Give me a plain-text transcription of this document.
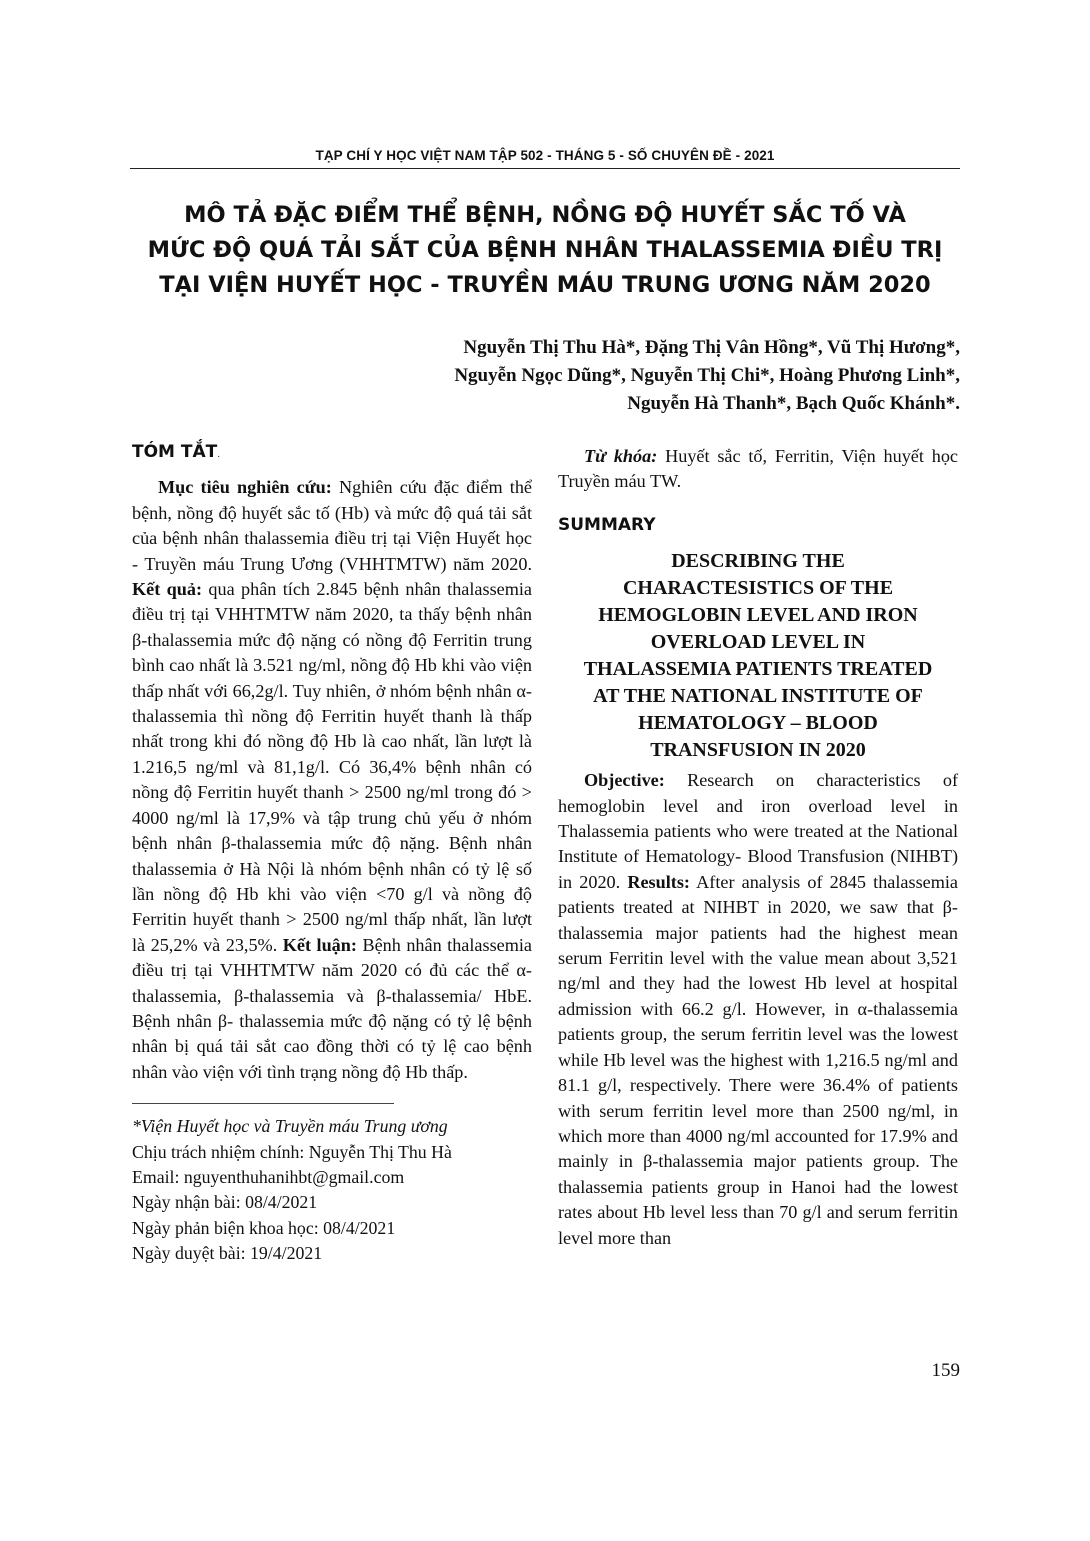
TẠP CHÍ Y HỌC VIỆT NAM TẬP 502 - THÁNG 5 - SỐ CHUYÊN ĐỀ - 2021
MÔ TẢ ĐẶC ĐIỂM THỂ BỆNH, NỒNG ĐỘ HUYẾT SẮC TỐ VÀ
MỨC ĐỘ QUÁ TẢI SẮT CỦA BỆNH NHÂN THALASSEMIA ĐIỀU TRỊ
TẠI VIỆN HUYẾT HỌC - TRUYỀN MÁU TRUNG ƯƠNG NĂM 2020
Nguyễn Thị Thu Hà*, Đặng Thị Vân Hồng*, Vũ Thị Hương*,
Nguyễn Ngọc Dũng*, Nguyễn Thị Chi*, Hoàng Phương Linh*,
Nguyễn Hà Thanh*, Bạch Quốc Khánh*.

TÓM TẮT.

Mục tiêu nghiên cứu: Nghiên cứu đặc điểm thể bệnh, nồng độ huyết sắc tố (Hb) và mức độ quá tải sắt của bệnh nhân thalassemia điều trị tại Viện Huyết học - Truyền máu Trung Ương (VHHTMTW) năm 2020. Kết quả: qua phân tích 2.845 bệnh nhân thalassemia điều trị tại VHHTMTW năm 2020, ta thấy bệnh nhân β-thalassemia mức độ nặng có nồng độ Ferritin trung bình cao nhất là 3.521 ng/ml, nồng độ Hb khi vào viện thấp nhất với 66,2g/l. Tuy nhiên, ở nhóm bệnh nhân α-thalassemia thì nồng độ Ferritin huyết thanh là thấp nhất trong khi đó nồng độ Hb là cao nhất, lần lượt là 1.216,5 ng/ml và 81,1g/l. Có 36,4% bệnh nhân có nồng độ Ferritin huyết thanh > 2500 ng/ml trong đó > 4000 ng/ml là 17,9% và tập trung chủ yếu ở nhóm bệnh nhân β-thalassemia mức độ nặng. Bệnh nhân thalassemia ở Hà Nội là nhóm bệnh nhân có tỷ lệ số lần nồng độ Hb khi vào viện <70 g/l và nồng độ Ferritin huyết thanh > 2500 ng/ml thấp nhất, lần lượt là 25,2% và 23,5%. Kết luận: Bệnh nhân thalassemia điều trị tại VHHTMTW năm 2020 có đủ các thể α-thalassemia, β-thalassemia và β-thalassemia/ HbE. Bệnh nhân β- thalassemia mức độ nặng có tỷ lệ bệnh nhân bị quá tải sắt cao đồng thời có tỷ lệ cao bệnh nhân vào viện với tình trạng nồng độ Hb thấp.

*Viện Huyết học và Truyền máu Trung ương

Chịu trách nhiệm chính: Nguyễn Thị Thu Hà

Email: nguyenthuhanihbt@gmail.com

Ngày nhận bài: 08/4/2021

Ngày phản biện khoa học: 08/4/2021

Ngày duyệt bài: 19/4/2021

Từ khóa: Huyết sắc tố, Ferritin, Viện huyết học Truyền máu TW.

SUMMARY

DESCRIBING THE
CHARACTESISTICS OF THE
HEMOGLOBIN LEVEL AND IRON
OVERLOAD LEVEL IN
THALASSEMIA PATIENTS TREATED
AT THE NATIONAL INSTITUTE OF
HEMATOLOGY – BLOOD
TRANSFUSION IN 2020

Objective: Research on characteristics of hemoglobin level and iron overload level in Thalassemia patients who were treated at the National Institute of Hematology- Blood Transfusion (NIHBT) in 2020. Results: After analysis of 2845 thalassemia patients treated at NIHBT in 2020, we saw that β-thalassemia major patients had the highest mean serum Ferritin level with the value mean about 3,521 ng/ml and they had the lowest Hb level at hospital admission with 66.2 g/l. However, in α-thalassemia patients group, the serum ferritin level was the lowest while Hb level was the highest with 1,216.5 ng/ml and 81.1 g/l, respectively. There were 36.4% of patients with serum ferritin level more than 2500 ng/ml, in which more than 4000 ng/ml accounted for 17.9% and mainly in β-thalassemia major patients group. The thalassemia patients group in Hanoi had the lowest rates about Hb level less than 70 g/l and serum ferritin level more than

159
